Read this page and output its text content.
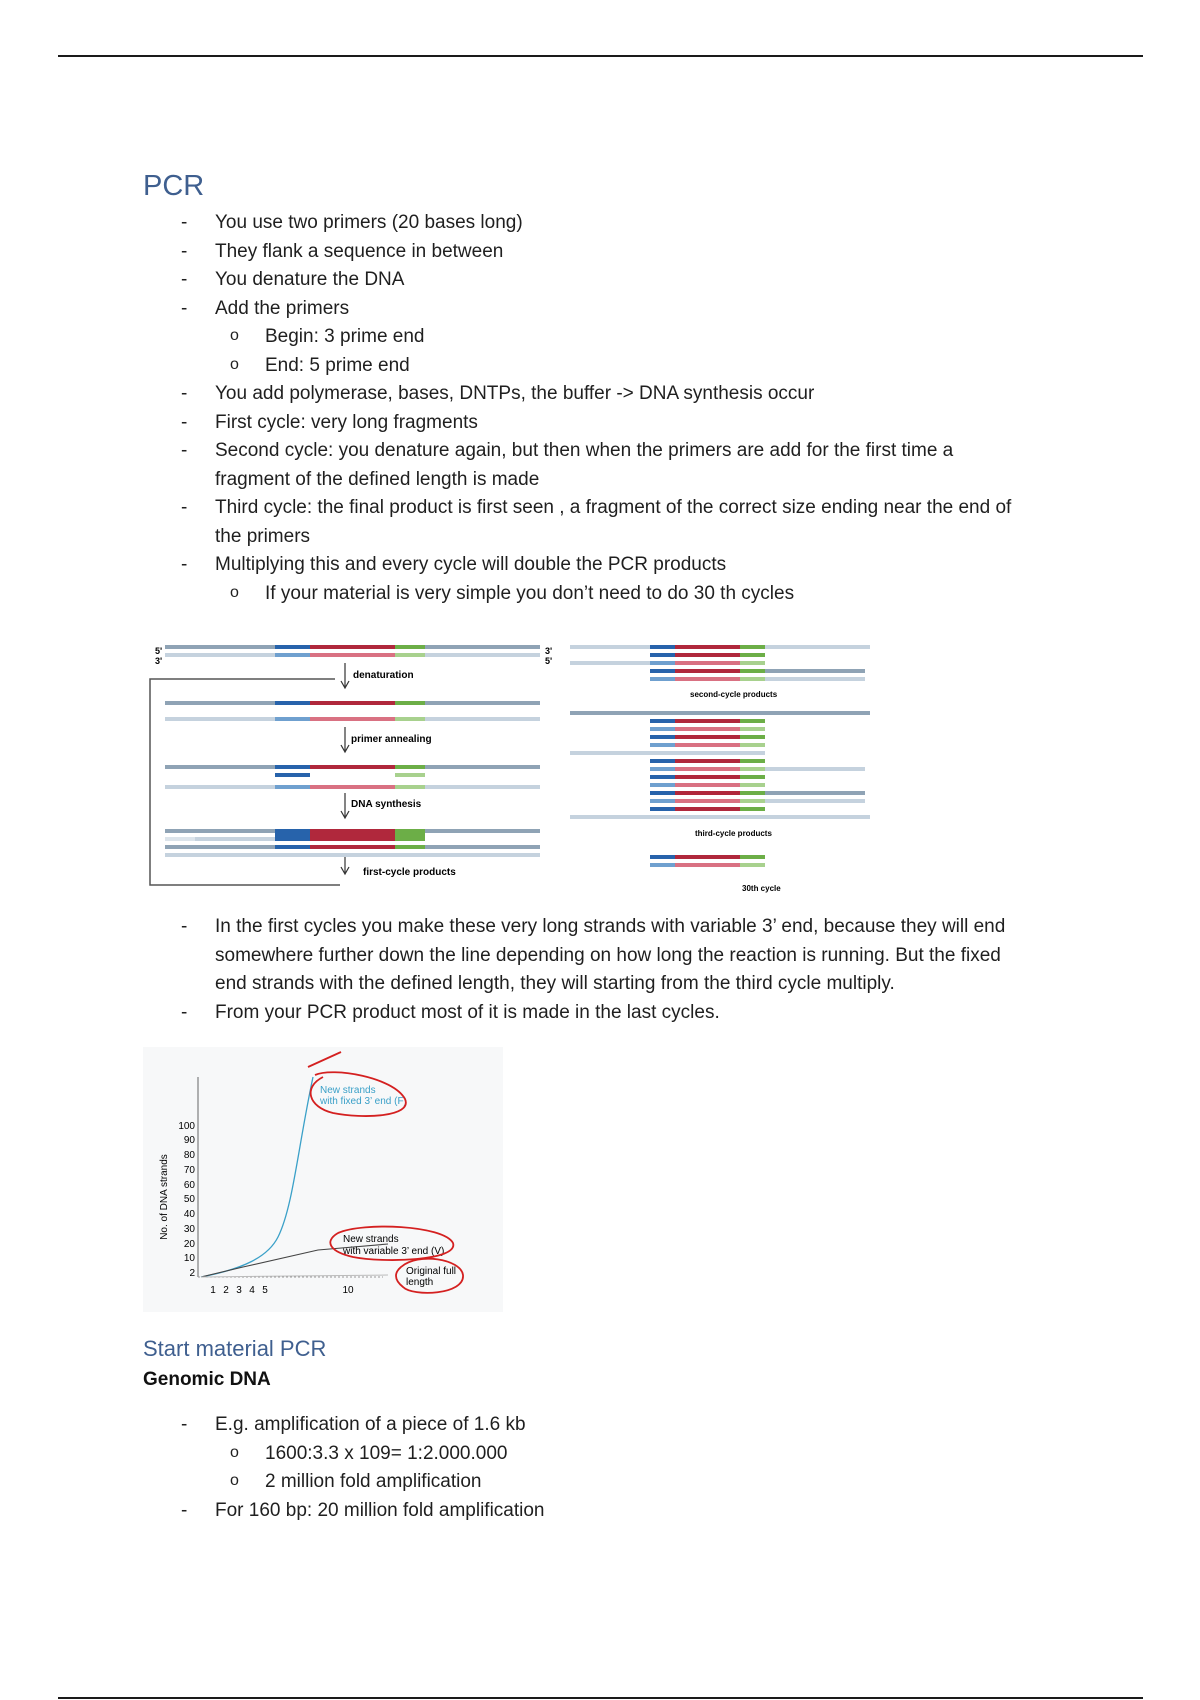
PCR
- You use two primers (20 bases long)
- They flank a sequence in between
- You denature the DNA
- Add the primers
o Begin: 3 prime end
o End: 5 prime end
- You add polymerase, bases, DNTPs, the buffer -> DNA synthesis occur
- First cycle: very long fragments
- Second cycle: you denature again, but then when the primers are add for the first time a fragment of the defined length is made
- Third cycle: the final product is first seen , a fragment of the correct size ending near the end of the primers
- Multiplying this and every cycle will double the PCR products
o If your material is very simple you don’t need to do 30 th cycles
5'
3'
3'
5'
denaturation
primer annealing
DNA synthesis
first-cycle products
second-cycle products
third-cycle products
30th cycle
- In the first cycles you make these very long strands with variable 3’ end, because they will end somewhere further down the line depending on how long the reaction is running. But the fixed end strands with the defined length, they will starting from the third cycle multiply.
- From your PCR product most of it is made in the last cycles.
No. of DNA strands
100
90
80
70
60
50
40
30
20
10
2
1 2 3 4 5	10
New strands
with fixed 3’ end (F)
New strands
with variable 3’ end (V)
Original full
length
Start material PCR
Genomic DNA
- E.g. amplification of a piece of 1.6 kb
o 1600:3.3 x 109= 1:2.000.000
o 2 million fold amplification
- For 160 bp: 20 million fold amplification
